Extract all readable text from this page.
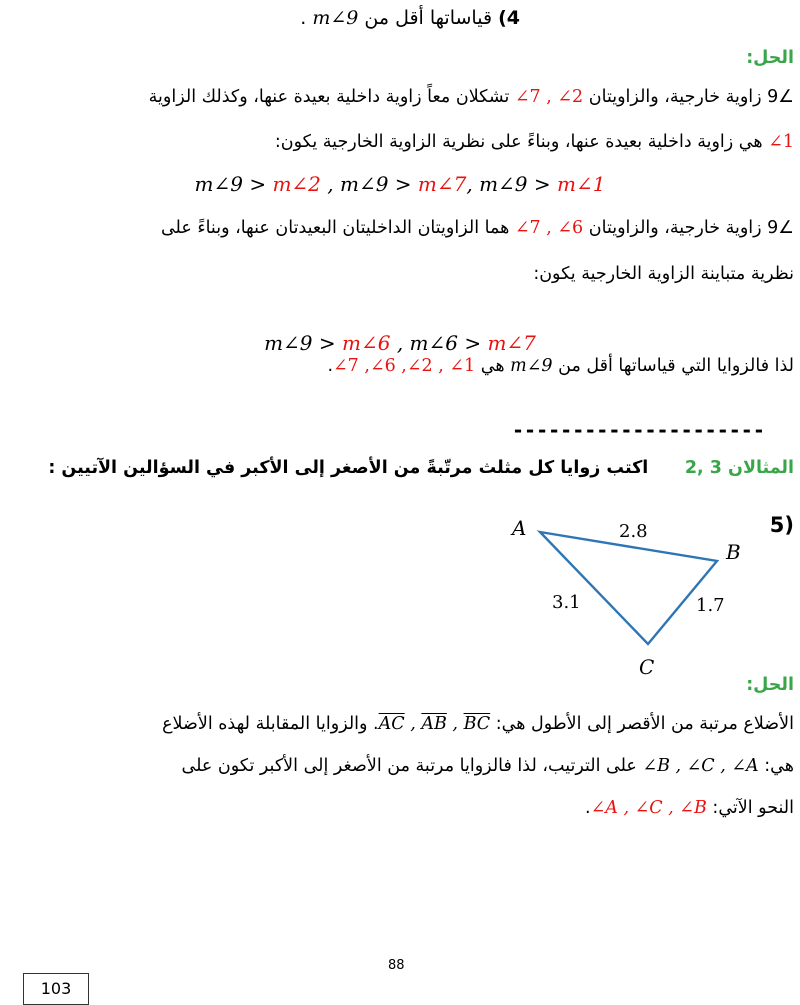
4) قياساتها أقل من m∠9 .
الحل:
∠9 زاوية خارجية، والزاويتان ∠7 , ∠2 تشكلان معاً زاوية داخلية بعيدة عنها، وكذلك الزاوية
∠1 هي زاوية داخلية بعيدة عنها، وبناءً على نظرية الزاوية الخارجية يكون:
m∠9 > m∠2 , m∠9 > m∠7, m∠9 > m∠1
∠9 زاوية خارجية، والزاويتان ∠7 , ∠6 هما الزاويتان الداخليتان البعيدتان عنها، وبناءً على
نظرية متباينة الزاوية الخارجية يكون:
m∠9 > m∠6 , m∠6 > m∠7
لذا فالزوايا التي قياساتها أقل من m∠9 هي ∠7 ,∠6 ,∠2 , ∠1.
---------------------
المثالان 2, 3      اكتب زوايا كل مثلث مرتّبةً من الأصغر إلى الأكبر في السؤالين الآتيين :
(5
A
B
C
2.8
3.1	1.7
الحل:
الأضلاع مرتبة من الأقصر إلى الأطول هي: $\overline{AC}$ , $\overline{AB}$ , $\overline{BC}$. والزوايا المقابلة لهذه الأضلاع
هي: ∠B , ∠C , ∠A على الترتيب، لذا فالزوايا مرتبة من الأصغر إلى الأكبر تكون على
النحو الآتي: ∠A , ∠C , ∠B.
88
103
